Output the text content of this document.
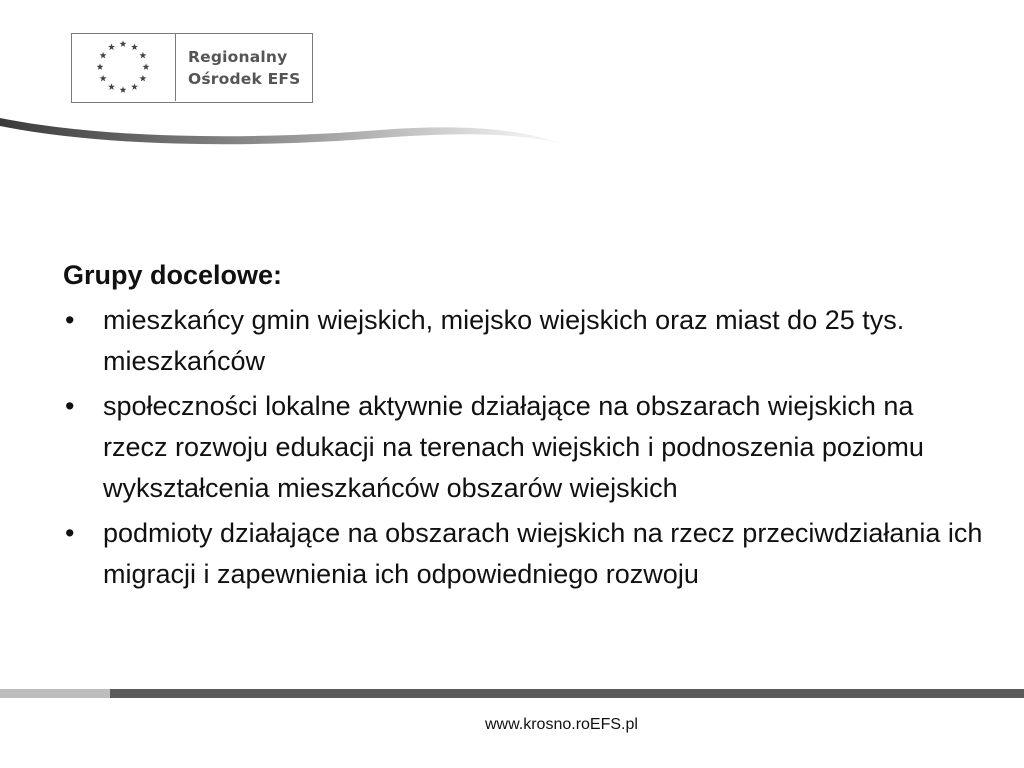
Regionalny
Ośrodek EFS
Grupy docelowe:
• mieszkańcy gmin wiejskich, miejsko wiejskich oraz miast do 25 tys. mieszkańców
• społeczności lokalne aktywnie działające na obszarach wiejskich na rzecz rozwoju edukacji na terenach wiejskich i podnoszenia poziomu wykształcenia mieszkańców obszarów wiejskich
• podmioty działające na obszarach wiejskich na rzecz przeciwdziałania ich migracji i zapewnienia ich odpowiedniego rozwoju
www.krosno.roEFS.pl
